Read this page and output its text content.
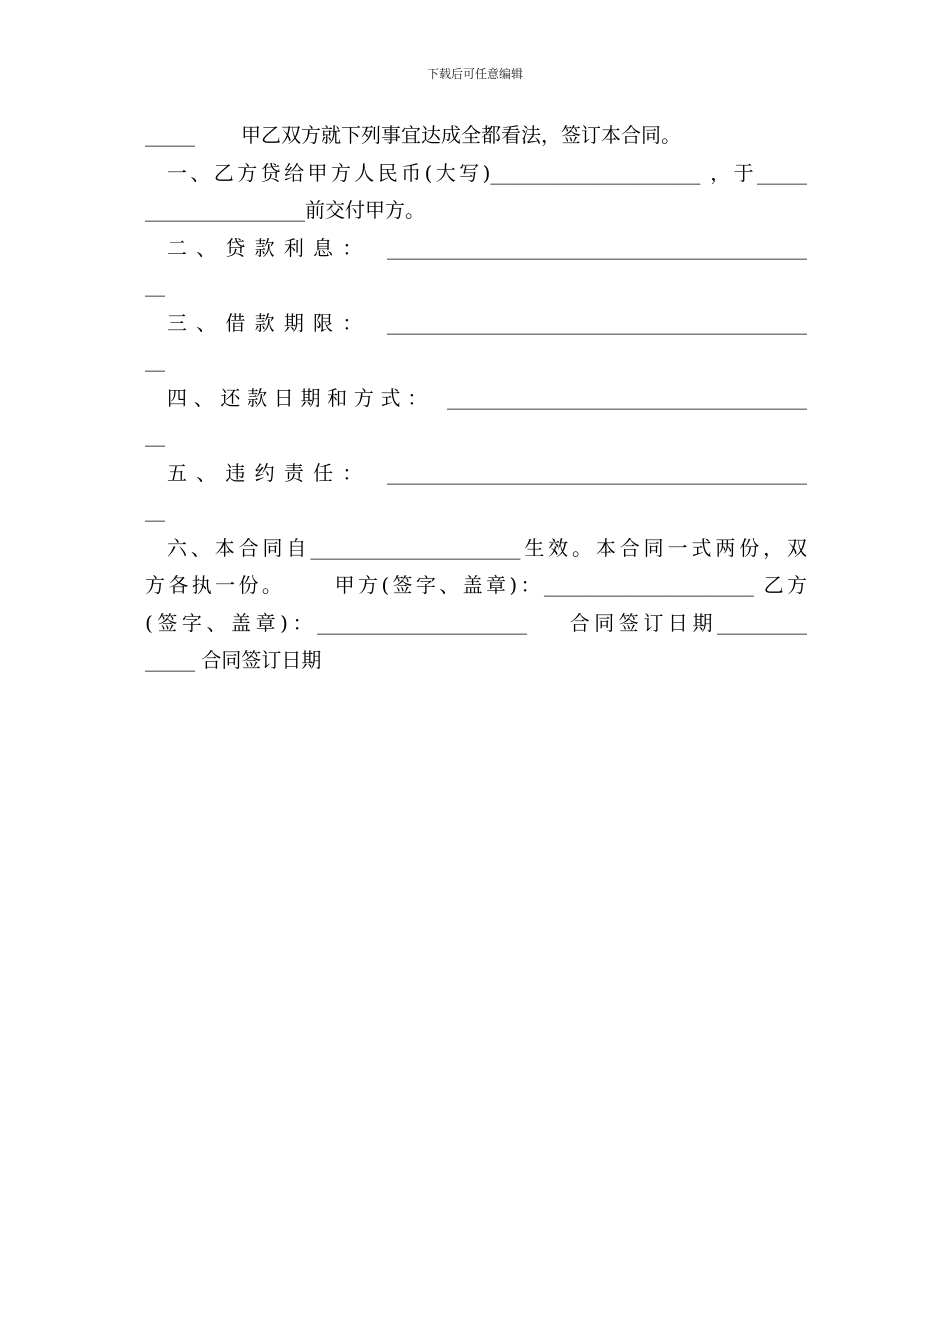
下载后可任意编辑
_____ 甲乙双方就下列事宜达成全都看法，签订本合同。
一、乙方贷给甲方人民币(大写)_____________________ ，于_____
________________前交付甲方。
二、贷款利息： __________________________________________
__
三、借款期限： __________________________________________
__
四、还款日期和方式： ____________________________________
__
五、违约责任： __________________________________________
__
六、本合同自_____________________生效。本合同一式两份，双
方各执一份。 甲方(签字、盖章)：_____________________ 乙方
(签字、盖章)：_____________________ 合同签订日期_________
_____ 合同签订日期
